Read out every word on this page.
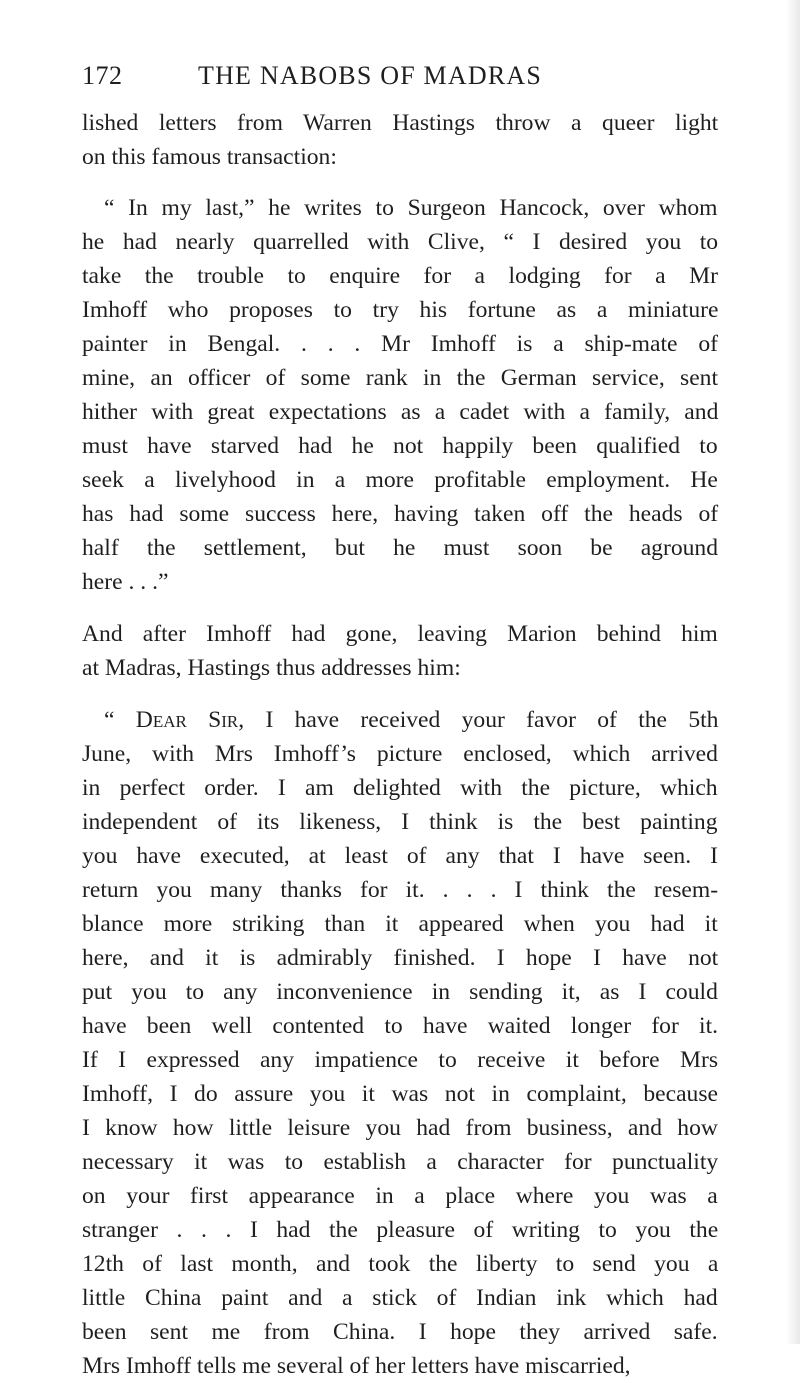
172	THE NABOBS OF MADRAS
lished letters from Warren Hastings throw a queer light
on this famous transaction:
“ In my last,” he writes to Surgeon Hancock, over whom
he had nearly quarrelled with Clive, “ I desired you to
take the trouble to enquire for a lodging for a Mr
Imhoff who proposes to try his fortune as a miniature
painter in Bengal. . . . Mr Imhoff is a ship-mate of
mine, an officer of some rank in the German service, sent
hither with great expectations as a cadet with a family, and
must have starved had he not happily been qualified to
seek a livelyhood in a more profitable employment. He
has had some success here, having taken off the heads of
half the settlement, but he must soon be aground
here . . .”
And after Imhoff had gone, leaving Marion behind him
at Madras, Hastings thus addresses him:
“ Dear Sir, I have received your favor of the 5th
June, with Mrs Imhoff’s picture enclosed, which arrived
in perfect order. I am delighted with the picture, which
independent of its likeness, I think is the best painting
you have executed, at least of any that I have seen. I
return you many thanks for it. . . . I think the resem-
blance more striking than it appeared when you had it
here, and it is admirably finished. I hope I have not
put you to any inconvenience in sending it, as I could
have been well contented to have waited longer for it.
If I expressed any impatience to receive it before Mrs
Imhoff, I do assure you it was not in complaint, because
I know how little leisure you had from business, and how
necessary it was to establish a character for punctuality
on your first appearance in a place where you was a
stranger . . . I had the pleasure of writing to you the
12th of last month, and took the liberty to send you a
little China paint and a stick of Indian ink which had
been sent me from China. I hope they arrived safe.
Mrs Imhoff tells me several of her letters have miscarried,
